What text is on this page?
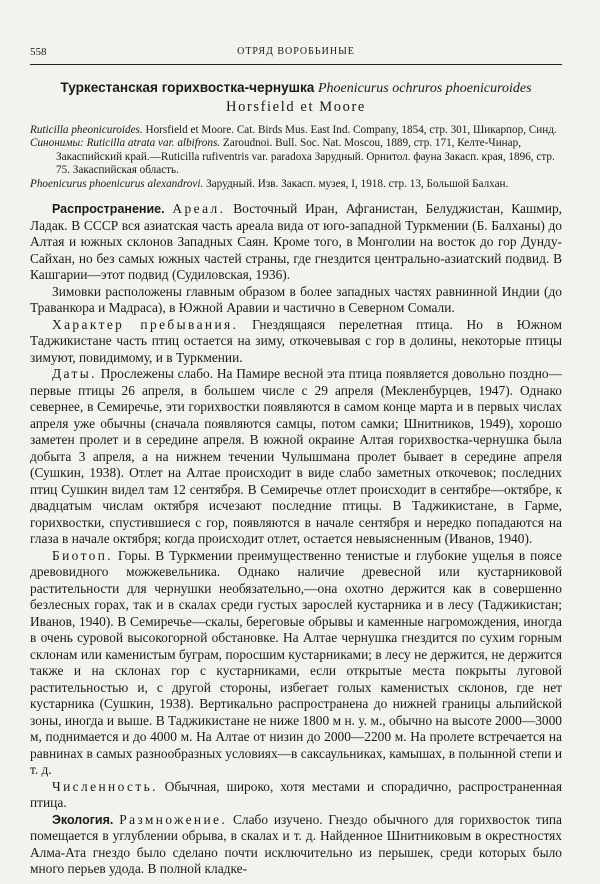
558	ОТРЯД ВОРОБЬИНЫЕ
Туркестанская горихвостка-чернушка Phoenicurus ochruros phoenicuroides
Horsfield et Moore

Ruticilla pheonicuroides. Horsfield et Moore. Cat. Birds Mus. East Ind. Company, 1854, стр. 301, Шикарпор, Синд.

Синонимы: Ruticilla atrata var. albifrons. Zaroudnoi. Bull. Soc. Nat. Moscou, 1889, стр. 171, Келте-Чинар, Закаспийский край.—Ruticilla rufiventris var. paradoxa Зарудный. Орнитол. фауна Закасп. края, 1896, стр. 75. Закаспийская область.

Phoenicurus phoenicurus alexandrovi. Зарудный. Изв. Закасп. музея, I, 1918. стр. 13, Большой Балхан.

Распространение. Ареал. Восточный Иран, Афганистан, Белуджистан, Кашмир, Ладак. В СССР вся азиатская часть ареала вида от юго-западной Туркмении (Б. Балханы) до Алтая и южных склонов Западных Саян. Кроме того, в Монголии на восток до гор Дунду-Сайхан, но без самых южных частей страны, где гнездится центрально-азиатский подвид. В Кашгарии—этот подвид (Судиловская, 1936).

Зимовки расположены главным образом в более западных частях равнинной Индии (до Траванкора и Мадраса), в Южной Аравии и частично в Северном Сомали.

Характер пребывания. Гнездящаяся перелетная птица. Но в Южном Таджикистане часть птиц остается на зиму, откочевывая с гор в долины, некоторые птицы зимуют, повидимому, и в Туркмении.

Даты. Прослежены слабо. На Памире весной эта птица появляется довольно поздно—первые птицы 26 апреля, в большем числе с 29 апреля (Мекленбурцев, 1947). Однако севернее, в Семиречье, эти горихвостки появляются в самом конце марта и в первых числах апреля уже обычны (сначала появляются самцы, потом самки; Шнитников, 1949), хорошо заметен пролет и в середине апреля. В южной окраине Алтая горихвостка-чернушка была добыта 3 апреля, а на нижнем течении Чулышмана пролет бывает в середине апреля (Сушкин, 1938). Отлет на Алтае происходит в виде слабо заметных откочевок; последних птиц Сушкин видел там 12 сентября. В Семиречье отлет происходит в сентябре—октябре, к двадцатым числам октября исчезают последние птицы. В Таджикистане, в Гарме, горихвостки, спустившиеся с гор, появляются в начале сентября и нередко попадаются на глаза в начале октября; когда происходит отлет, остается невыясненным (Иванов, 1940).

Биотоп. Горы. В Туркмении преимущественно тенистые и глубокие ущелья в поясе древовидного можжевельника. Однако наличие древесной или кустарниковой растительности для чернушки необязательно,—она охотно держится как в совершенно безлесных горах, так и в скалах среди густых зарослей кустарника и в лесу (Таджикистан; Иванов, 1940). В Семиречье—скалы, береговые обрывы и каменные нагромождения, иногда в очень суровой высокогорной обстановке. На Алтае чернушка гнездится по сухим горным склонам или каменистым буграм, поросшим кустарниками; в лесу не держится, не держится также и на склонах гор с кустарниками, если открытые места покрыты луговой растительностью и, с другой стороны, избегает голых каменистых склонов, где нет кустарника (Сушкин, 1938). Вертикально распространена до нижней границы альпийской зоны, иногда и выше. В Таджикистане не ниже 1800 м н. у. м., обычно на высоте 2000—3000 м, поднимается и до 4000 м. На Алтае от низин до 2000—2200 м. На пролете встречается на равнинах в самых разнообразных условиях—в саксаульниках, камышах, в полынной степи и т. д.

Численность. Обычная, широко, хотя местами и спорадично, распространенная птица.

Экология. Размножение. Слабо изучено. Гнездо обычного для горихвосток типа помещается в углублении обрыва, в скалах и т. д. Найденное Шнитниковым в окрестностях Алма-Ата гнездо было сделано почти исключительно из перышек, среди которых было много перьев удода. В полной кладке-
